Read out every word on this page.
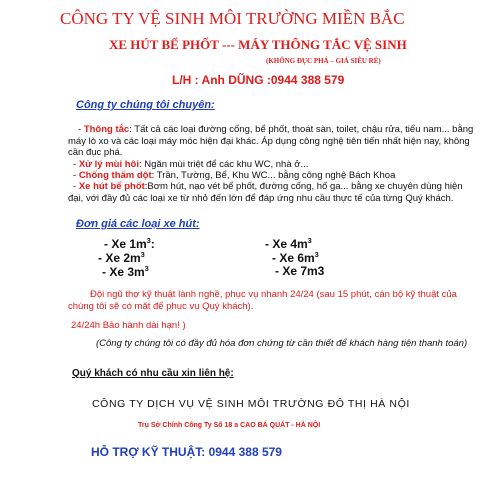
CÔNG TY VỆ SINH MÔI TRƯỜNG MIỀN BẮC
XE HÚT BỂ PHỐT --- MÁY THÔNG TẮC VỆ SINH
(KHÔNG ĐỤC PHÁ – GIÁ SIÊU RẺ)
L/H : Anh DŨNG :0944 388 579
Công ty chúng tôi chuyên:
- Thông tắc: Tất cả các loại đường cống, bể phốt, thoát sàn, toilet, chậu rửa, tiểu nam... bằng máy lò xo và các loại máy móc hiện đại khác. Áp dụng công nghệ tiên tiến nhất hiện nay, không cần đục phá.
- Xử lý mùi hôi: Ngăn mùi triệt để các khu WC, nhà ở...
- Chống thấm dột: Trần, Tường, Bể, Khu WC... bằng công nghệ Bách Khoa
- Xe hút bể phốt:Bơm hút, nạo vét bể phốt, đường cống, hố ga... bằng xe chuyên dùng hiện đại, với đầy đủ các loại xe từ nhỏ đến lớn để đáp ứng nhu cầu thực tế của từng Quý khách.
Đơn giá các loại xe hút:
- Xe $1m^3$:
- Xe $2m^3$
- Xe $3m^3$
- Xe $4m^3$
- Xe $6m^3$
- Xe 7m3
Đội ngũ thợ kỹ thuật lành nghề, phục vụ nhanh 24/24 (sau 15 phút, cán bộ kỹ thuật của chúng tôi sẽ có mặt để phục vụ Quý khách).
24/24h Bảo hành dài hạn! )
(Công ty chúng tôi có đầy đủ hóa đơn chứng từ cần thiết để khách hàng tiện thanh toán)
Quý khách có nhu cầu xin liên hệ:
CÔNG TY DỊCH VỤ VỆ SINH MÔI TRƯỜNG ĐÔ THỊ HÀ NỘI
Trụ Sở Chính Công Ty Số 18 a CAO BÁ QUÁT - HÀ NỘI
HỖ TRỢ KỸ THUẬT: 0944 388 579
